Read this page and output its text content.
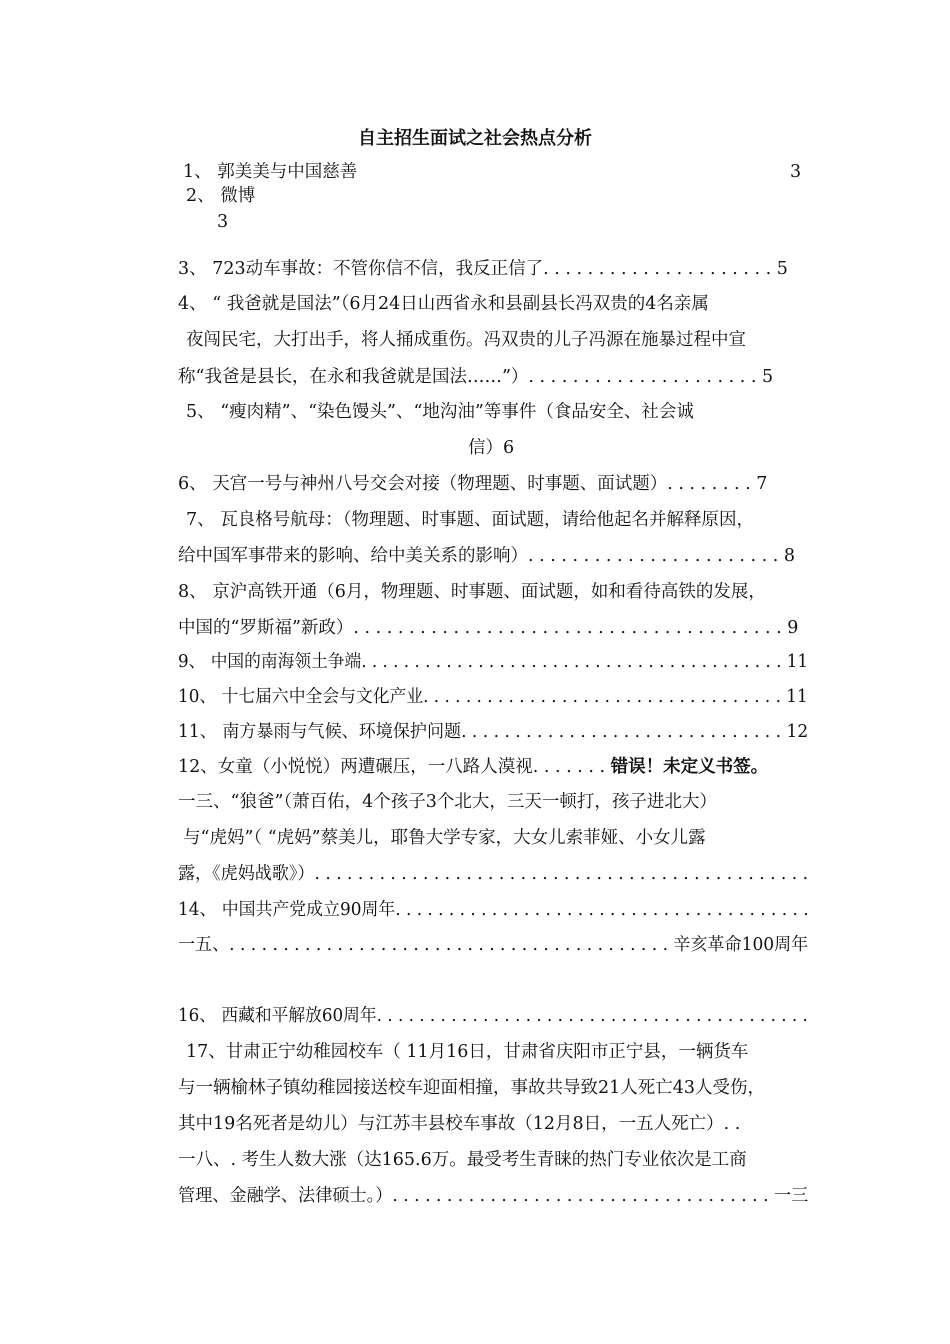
自主招生面试之社会热点分析
1、 郭美美与中国慈善	3
2、 微博
3
3、 723动车事故：不管你信不信，我反正信了. . . . . . . . . . . . . . . . . . . . . 5
4、 “ 我爸就是国法”（6月24日山西省永和县副县长冯双贵的4名亲属
夜闯民宅，大打出手，将人捅成重伤。冯双贵的儿子冯源在施暴过程中宣
称“我爸是县长，在永和我爸就是国法……”）. . . . . . . . . . . . . . . . . . . . . 5
5、 “瘦肉精”、“染色馒头”、“地沟油”等事件（食品安全、社会诚
信）6
6、 天宫一号与神州八号交会对接（物理题、时事题、面试题）. . . . . . . . 7
7、 瓦良格号航母：（物理题、时事题、面试题，请给他起名并解释原因，
给中国军事带来的影响、给中美关系的影响）. . . . . . . . . . . . . . . . . . . . . . . 8
8、 京沪高铁开通（6月，物理题、时事题、面试题，如和看待高铁的发展，
中国的“罗斯福”新政）. . . . . . . . . . . . . . . . . . . . . . . . . . . . . . . . . . . . . . . 9
9、 中国的南海领土争端. . . . . . . . . . . . . . . . . . . . . . . . . . . . . . . . . . . . . . . . 11
10、 十七届六中全会与文化产业. . . . . . . . . . . . . . . . . . . . . . . . . . . . . . . . . . 11
11、 南方暴雨与气候、环境保护问题. . . . . . . . . . . . . . . . . . . . . . . . . . . . . . 12
12、女童（小悦悦）两遭碾压，一八路人漠视. . . . . . . 错误！未定义书签。
一三、“狼爸”（萧百佑，4个孩子3个北大，三天一顿打，孩子进北大）
与“虎妈”（ “虎妈”蔡美儿，耶鲁大学专家，大女儿索菲娅、小女儿露
露，《虎妈战歌》）. . . . . . . . . . . . . . . . . . . . . . . . . . . . . . . . . . . . . . . . . . . . . .
14、 中国共产党成立90周年. . . . . . . . . . . . . . . . . . . . . . . . . . . . . . . . . . . . . . .
一五、. . . . . . . . . . . . . . . . . . . . . . . . . . . . . . . . . . . . . . . . . 辛亥革命100周年
16、 西藏和平解放60周年. . . . . . . . . . . . . . . . . . . . . . . . . . . . . . . . . . . . . . . . .
17、甘肃正宁幼稚园校车（ 11月16日，甘肃省庆阳市正宁县，一辆货车
与一辆榆林子镇幼稚园接送校车迎面相撞，事故共导致21人死亡43人受伤，
其中19名死者是幼儿）与江苏丰县校车事故（12月8日，一五人死亡）. .
一八、. 考生人数大涨（达165.6万。最受考生青睐的热门专业依次是工商
管理、金融学、法律硕士。）. . . . . . . . . . . . . . . . . . . . . . . . . . . . . . . . . . . 一三
